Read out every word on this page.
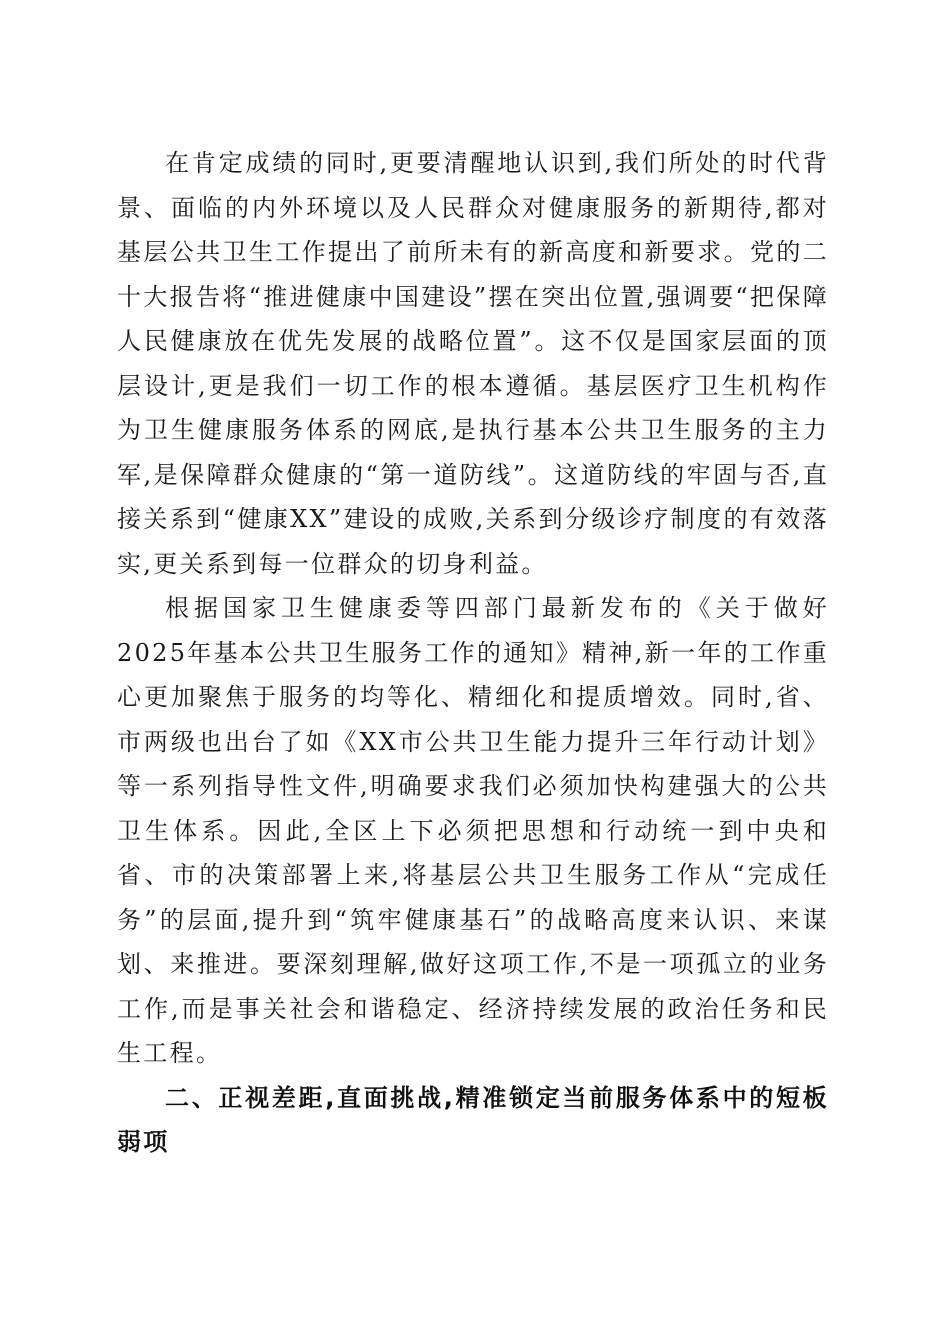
在肯定成绩的同时,更要清醒地认识到,我们所处的时代背景、面临的内外环境以及人民群众对健康服务的新期待,都对基层公共卫生工作提出了前所未有的新高度和新要求。党的二十大报告将“推进健康中国建设”摆在突出位置,强调要“把保障人民健康放在优先发展的战略位置”。这不仅是国家层面的顶层设计,更是我们一切工作的根本遵循。基层医疗卫生机构作为卫生健康服务体系的网底,是执行基本公共卫生服务的主力军,是保障群众健康的“第一道防线”。这道防线的牢固与否,直接关系到“健康XX”建设的成败,关系到分级诊疗制度的有效落实,更关系到每一位群众的切身利益。

根据国家卫生健康委等四部门最新发布的《关于做好2025年基本公共卫生服务工作的通知》精神,新一年的工作重心更加聚焦于服务的均等化、精细化和提质增效。同时,省、市两级也出台了如《XX市公共卫生能力提升三年行动计划》等一系列指导性文件,明确要求我们必须加快构建强大的公共卫生体系。因此,全区上下必须把思想和行动统一到中央和省、市的决策部署上来,将基层公共卫生服务工作从“完成任务”的层面,提升到“筑牢健康基石”的战略高度来认识、来谋划、来推进。要深刻理解,做好这项工作,不是一项孤立的业务工作,而是事关社会和谐稳定、经济持续发展的政治任务和民生工程。

二、正视差距,直面挑战,精准锁定当前服务体系中的短板弱项
